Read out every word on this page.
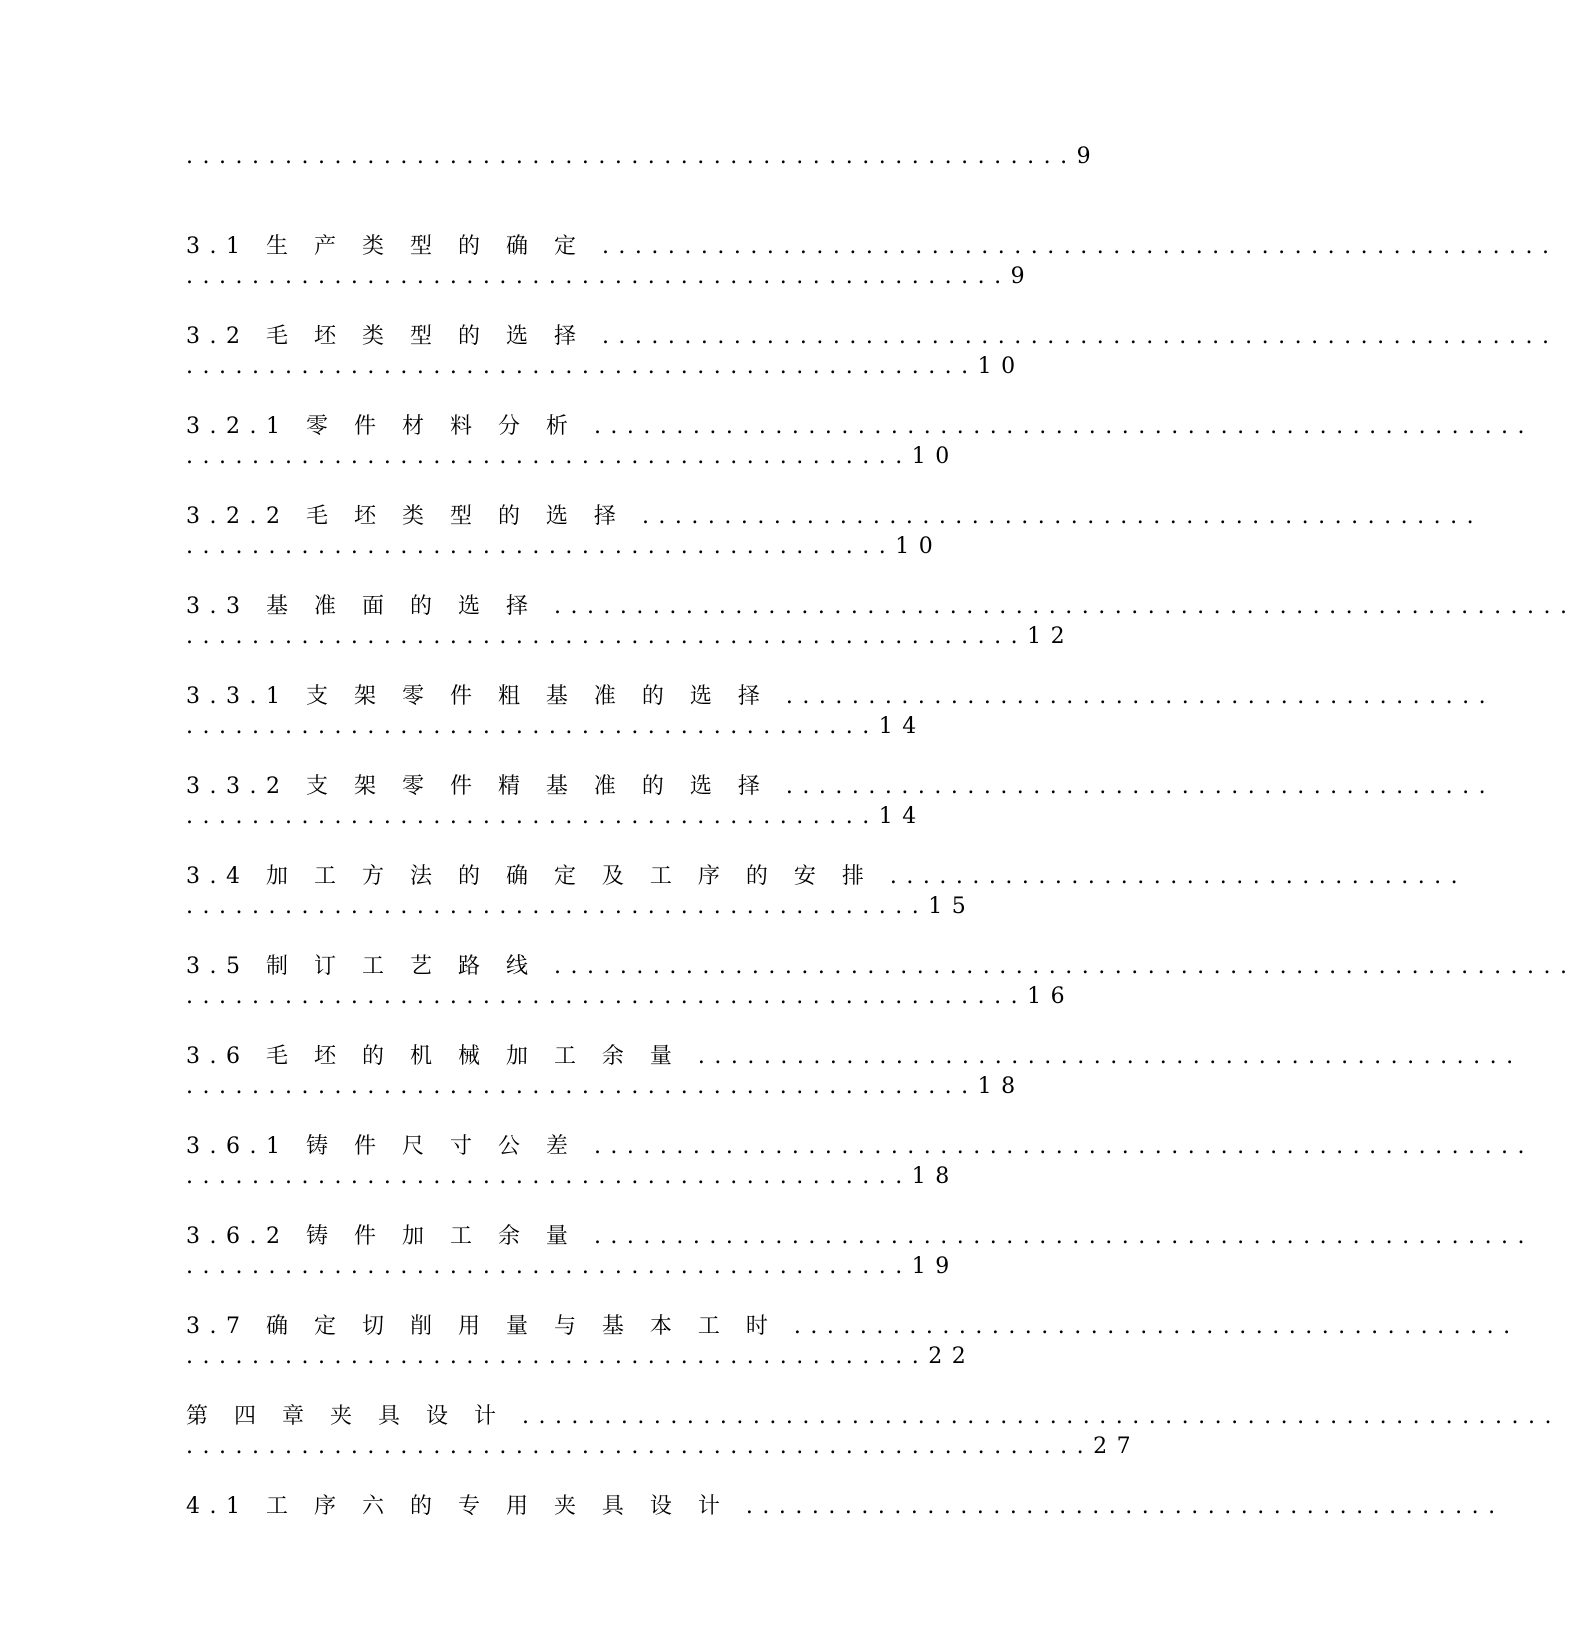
......................................................9
3.1 生 产 类 型 的 确 定 ..........................................................
..................................................9
3.2 毛 坯 类 型 的 选 择 ..........................................................
................................................10
3.2.1 零 件 材 料 分 析 .........................................................
............................................10
3.2.2 毛 坯 类 型 的 选 择 ...................................................
...........................................10
3.3 基 准 面 的 选 择 ..............................................................
...................................................12
3.3.1 支 架 零 件 粗 基 准 的 选 择 ...........................................
..........................................14
3.3.2 支 架 零 件 精 基 准 的 选 择 ...........................................
..........................................14
3.4 加 工 方 法 的 确 定 及 工 序 的 安 排 ...................................
.............................................15
3.5 制 订 工 艺 路 线 ..............................................................
...................................................16
3.6 毛 坯 的 机 械 加 工 余 量 ..................................................
................................................18
3.6.1 铸 件 尺 寸 公 差 .........................................................
............................................18
3.6.2 铸 件 加 工 余 量 .........................................................
............................................19
3.7 确 定 切 削 用 量 与 基 本 工 时 ............................................
.............................................22
第 四 章 夹 具 设 计 ...............................................................
.......................................................27
4.1 工 序 六 的 专 用 夹 具 设 计 ..............................................
